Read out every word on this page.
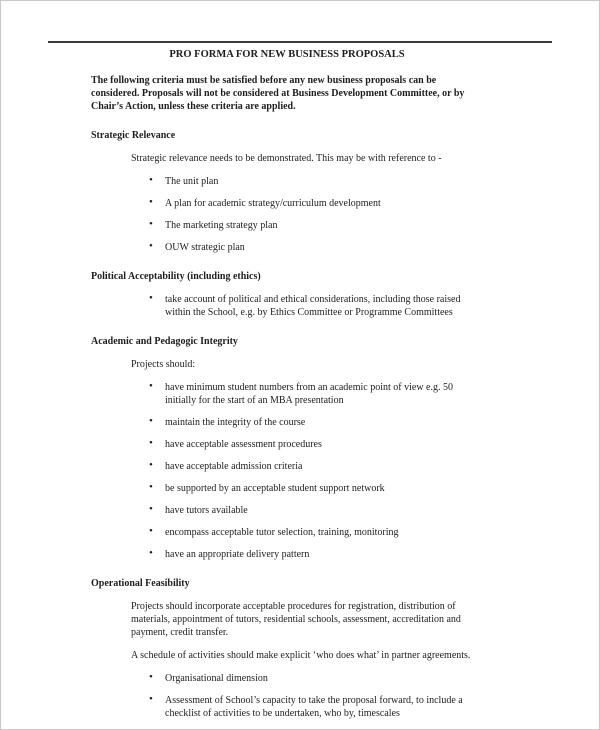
PRO FORMA FOR NEW BUSINESS PROPOSALS

The following criteria must be satisfied before any new business proposals can be considered. Proposals will not be considered at Business Development Committee, or by Chair’s Action, unless these criteria are applied.

Strategic Relevance

Strategic relevance needs to be demonstrated. This may be with reference to -

• The unit plan
• A plan for academic strategy/curriculum development
• The marketing strategy plan
• OUW strategic plan
Political Acceptability (including ethics)
• take account of political and ethical considerations, including those raised within the School, e.g. by Ethics Committee or Programme Committees
Academic and Pedagogic Integrity

Projects should:

• have minimum student numbers from an academic point of view e.g. 50 initially for the start of an MBA presentation
• maintain the integrity of the course
• have acceptable assessment procedures
• have acceptable admission criteria
• be supported by an acceptable student support network
• have tutors available
• encompass acceptable tutor selection, training, monitoring
• have an appropriate delivery pattern
Operational Feasibility

Projects should incorporate acceptable procedures for registration, distribution of materials, appointment of tutors, residential schools, assessment, accreditation and payment, credit transfer.

A schedule of activities should make explicit ‘who does what’ in partner agreements.

• Organisational dimension
• Assessment of School’s capacity to take the proposal forward, to include a checklist of activities to be undertaken, who by, timescales
